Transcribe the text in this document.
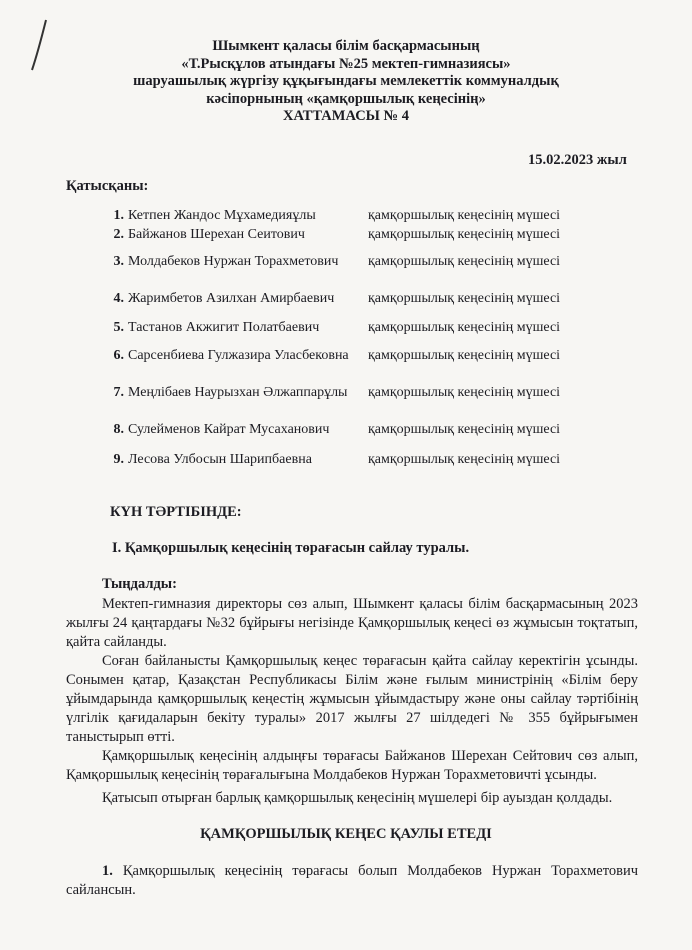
Шымкент қаласы білім басқармасының
«Т.Рысқұлов атындағы №25 мектеп-гимназиясы»
шаруашылық жүргізу құқығындағы мемлекеттік коммуналдық
кәсіпорнының «қамқоршылық кеңесінің»
ХАТТАМАСЫ № 4
15.02.2023 жыл
Қатысқаны:
1. Кетпен Жандос Мұхамедияұлы	қамқоршылық кеңесінің мүшесі
2. Байжанов Шерехан Сеитович	қамқоршылық кеңесінің мүшесі
3. Молдабеков Нуржан Торахметович	қамқоршылық кеңесінің мүшесі
4. Жаримбетов Азилхан Амирбаевич	қамқоршылық кеңесінің мүшесі
5. Тастанов Акжигит Полатбаевич	қамқоршылық кеңесінің мүшесі
6. Сарсенбиева Гулжазира Уласбековна	қамқоршылық кеңесінің мүшесі
7. Меңлібаев Наурызхан Әлжаппарұлы	қамқоршылық кеңесінің мүшесі
8. Сулейменов Кайрат Мусаханович	қамқоршылық кеңесінің мүшесі
9. Лесова Улбосын Шарипбаевна	қамқоршылық кеңесінің мүшесі
КҮН ТӘРТІБІНДЕ:
І. Қамқоршылық кеңесінің төрағасын сайлау туралы.
Тыңдалды:
Мектеп-гимназия директоры сөз алып, Шымкент қаласы білім басқармасының 2023 жылғы 24 қаңтардағы №32 бұйрығы негізінде Қамқоршылық кеңесі өз жұмысын тоқтатып, қайта сайланды.
Соған байланысты Қамқоршылық кеңес төрағасын қайта сайлау керектігін ұсынды. Сонымен қатар, Қазақстан Республикасы Білім және ғылым министрінің «Білім беру ұйымдарында қамқоршылық кеңестің жұмысын ұйымдастыру және оны сайлау тәртібінің үлгілік қағидаларын бекіту туралы» 2017 жылғы 27 шілдедегі № 355 бұйрығымен таныстырып өтті.
Қамқоршылық кеңесінің алдыңғы төрағасы Байжанов Шерехан Сейтович сөз алып, Қамқоршылық кеңесінің төрағалығына Молдабеков Нуржан Торахметовичті ұсынды.
Қатысып отырған барлық қамқоршылық кеңесінің мүшелері бір ауыздан қолдады.
ҚАМҚОРШЫЛЫҚ КЕҢЕС ҚАУЛЫ ЕТЕДІ
1. Қамқоршылық кеңесінің төрағасы болып Молдабеков Нуржан Торахметович сайлансын.
